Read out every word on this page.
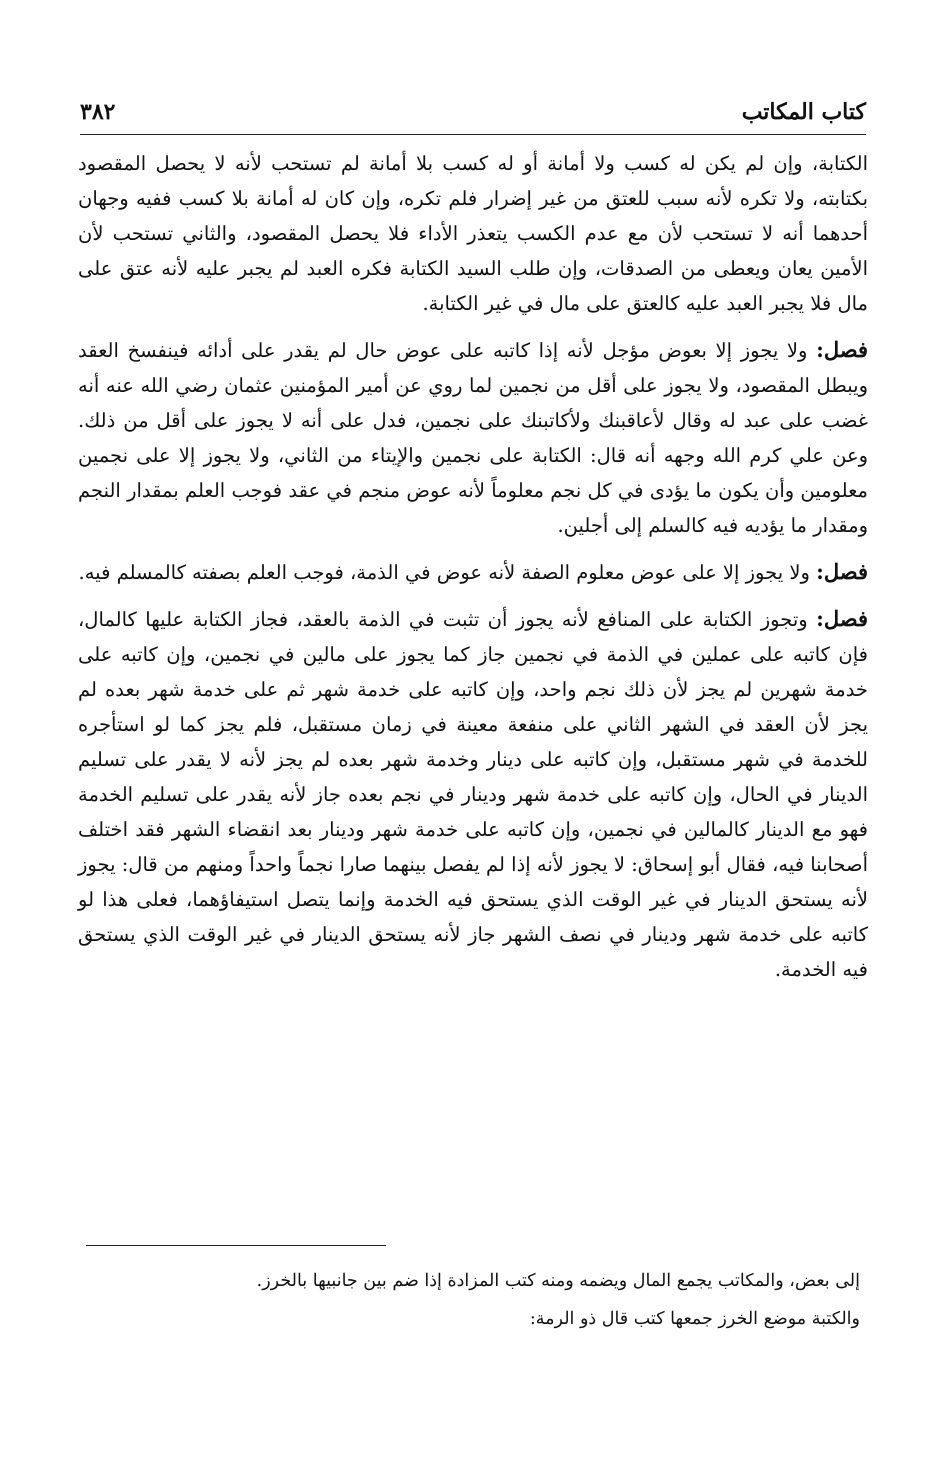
كتاب المكاتب
٣٨٢

الكتابة، وإن لم يكن له كسب ولا أمانة أو له كسب بلا أمانة لم تستحب لأنه لا يحصل المقصود بكتابته، ولا تكره لأنه سبب للعتق من غير إضرار فلم تكره، وإن كان له أمانة بلا كسب ففيه وجهان أحدهما أنه لا تستحب لأن مع عدم الكسب يتعذر الأداء فلا يحصل المقصود، والثاني تستحب لأن الأمين يعان ويعطى من الصدقات، وإن طلب السيد الكتابة فكره العبد لم يجبر عليه لأنه عتق على مال فلا يجبر العبد عليه كالعتق على مال في غير الكتابة.

فصل: ولا يجوز إلا بعوض مؤجل لأنه إذا كاتبه على عوض حال لم يقدر على أدائه فينفسخ العقد ويبطل المقصود، ولا يجوز على أقل من نجمين لما روي عن أمير المؤمنين عثمان رضي الله عنه أنه غضب على عبد له وقال لأعاقبنك ولأكاتبنك على نجمين، فدل على أنه لا يجوز على أقل من ذلك. وعن علي كرم الله وجهه أنه قال: الكتابة على نجمين والإيتاء من الثاني، ولا يجوز إلا على نجمين معلومين وأن يكون ما يؤدى في كل نجم معلوماً لأنه عوض منجم في عقد فوجب العلم بمقدار النجم ومقدار ما يؤديه فيه كالسلم إلى أجلين.

فصل: ولا يجوز إلا على عوض معلوم الصفة لأنه عوض في الذمة، فوجب العلم بصفته كالمسلم فيه.

فصل: وتجوز الكتابة على المنافع لأنه يجوز أن تثبت في الذمة بالعقد، فجاز الكتابة عليها كالمال، فإن كاتبه على عملين في الذمة في نجمين جاز كما يجوز على مالين في نجمين، وإن كاتبه على خدمة شهرين لم يجز لأن ذلك نجم واحد، وإن كاتبه على خدمة شهر ثم على خدمة شهر بعده لم يجز لأن العقد في الشهر الثاني على منفعة معينة في زمان مستقبل، فلم يجز كما لو استأجره للخدمة في شهر مستقبل، وإن كاتبه على دينار وخدمة شهر بعده لم يجز لأنه لا يقدر على تسليم الدينار في الحال، وإن كاتبه على خدمة شهر ودينار في نجم بعده جاز لأنه يقدر على تسليم الخدمة فهو مع الدينار كالمالين في نجمين، وإن كاتبه على خدمة شهر ودينار بعد انقضاء الشهر فقد اختلف أصحابنا فيه، فقال أبو إسحاق: لا يجوز لأنه إذا لم يفصل بينهما صارا نجماً واحداً ومنهم من قال: يجوز لأنه يستحق الدينار في غير الوقت الذي يستحق فيه الخدمة وإنما يتصل استيفاؤهما، فعلى هذا لو كاتبه على خدمة شهر ودينار في نصف الشهر جاز لأنه يستحق الدينار في غير الوقت الذي يستحق فيه الخدمة.

إلى بعض، والمكاتب يجمع المال ويضمه ومنه كتب المزادة إذا ضم بين جانبيها بالخرز.

والكتبة موضع الخرز جمعها كتب قال ذو الرمة:
